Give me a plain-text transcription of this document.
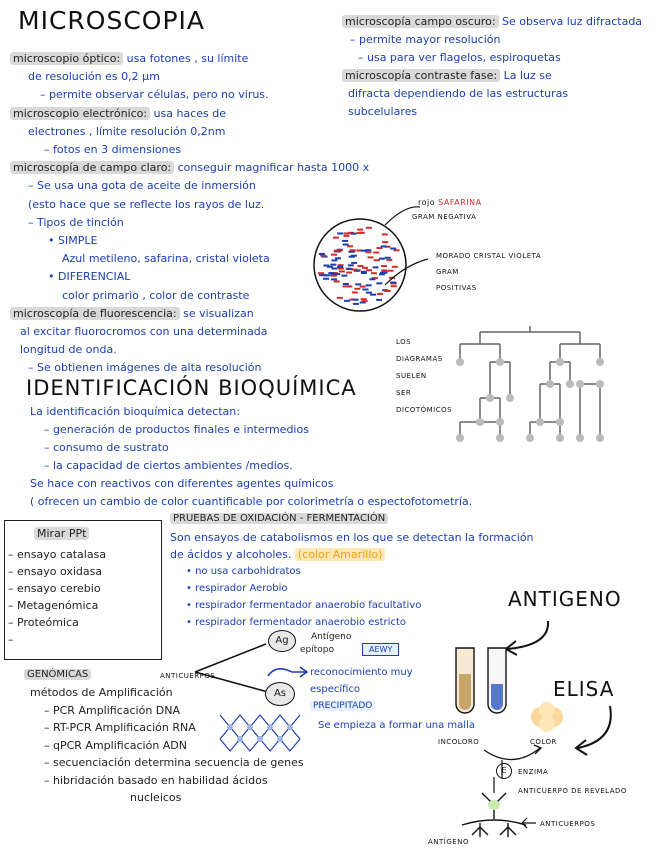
MICROSCOPIA
microscopio óptico: usa fotones , su límite
de resolución es 0,2 µm
– permite observar células, pero no virus.
microscopio electrónico: usa haces de
electrones , límite resolución 0,2nm
– fotos en 3 dimensiones
microscopía de campo claro: conseguir magnificar hasta 1000 x
– Se usa una gota de aceite de inmersión
(esto hace que se reflecte los rayos de luz.
– Tipos de tinción
• SIMPLE
Azul metileno, safarina, cristal violeta
• DIFERENCIAL
color primario , color de contraste
microscopía de fluorescencia: se visualizan
al excitar fluorocromos con una determinada
longitud de onda.
– Se obtienen imágenes de alta resolución
microscopía campo oscuro: Se observa luz difractada
– permite mayor resolución
– usa para ver flagelos, espiroquetas
microscopía contraste fase: La luz se
difracta dependiendo de las estructuras
subcelulares
rojo SAFARINA
GRAM NEGATIVA
MORADO CRISTAL VIOLETA
GRAM
POSITIVAS
LOS
DIAGRAMAS
SUELEN
SER
DICOTÓMICOS
IDENTIFICACIÓN BIOQUÍMICA
La identificación bioquímica detectan:
– generación de productos finales e intermedios
– consumo de sustrato
– la capacidad de ciertos ambientes /medios.
Se hace con reactivos con diferentes agentes químicos
( ofrecen un cambio de color cuantificable por colorimetría o espectofotometría.
Mirar PPt
– ensayo catalasa
– ensayo oxidasa
– ensayo cerebio
– Metagenómica
– Proteómica
–
PRUEBAS DE OXIDACIÓN - FERMENTACIÓN
Son ensayos de catabolismos en los que se detectan la formación
de ácidos y alcoholes. (color Amarillo)
• no usa carbohidratos
• respirador Aerobio
• respirador fermentador anaerobio facultativo
• respirador fermentador anaerobio estricto
Ag
As
Antígeno
epítopo	AEWY
reconocimiento muy
específico
PRECIPITADO
Se empieza a formar una malla
GENÓMICAS	ANTICUERPOS
métodos de Amplificación
– PCR Amplificación DNA
– RT-PCR Amplificación RNA
– qPCR Amplificación ADN
– secuenciación determina secuencia de genes
– hibridación basado en habilidad ácidos
nucleicos
ANTIGENO
ELISA
INCOLORO	COLOR
E	ENZIMA
ANTICUERPO DE REVELADO
ANTICUERPOS
ANTÍGENO
